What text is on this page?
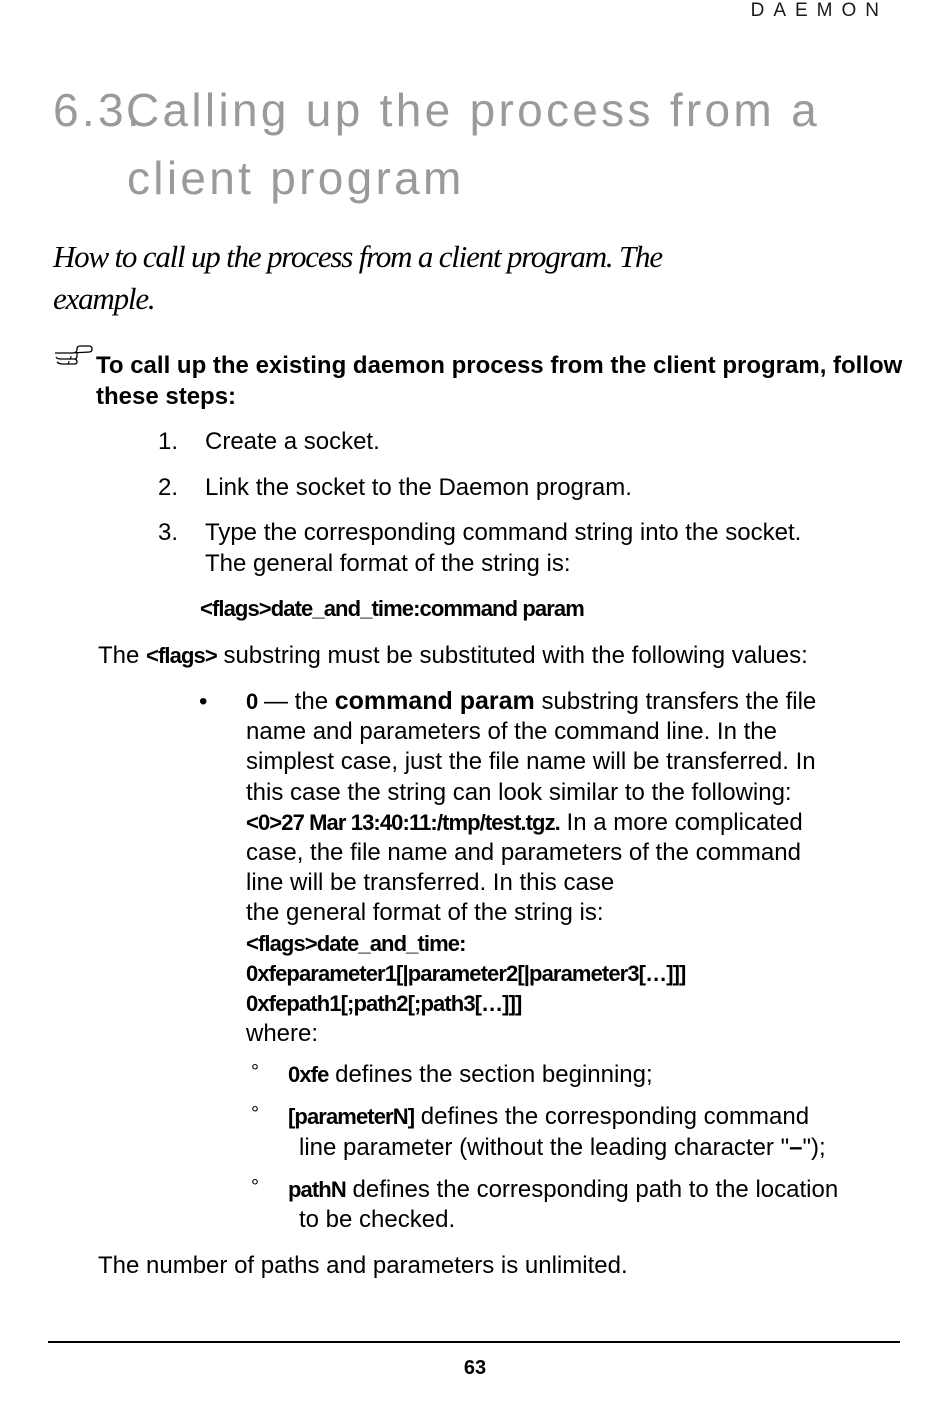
DAEMON
6.3.Calling up the process from a
client program
How to call up the process from a client program. The example.
To call up the existing daemon process from the client program, follow these steps:
1. Create a socket.
2. Link the socket to the Daemon program.
3. Type the corresponding command string into the socket.
The general format of the string is:
<flags>date_and_time:command param
The <flags> substring must be substituted with the following values:
• 0 — the command param substring transfers the file
name and parameters of the command line. In the
simplest case, just the file name will be transferred. In
this case the string can look similar to the following:
<0>27 Mar 13:40:11:/tmp/test.tgz. In a more complicated
case, the file name and parameters of the command
line will be transferred. In this case
the general format of the string is:
<flags>date_and_time:
0xfeparameter1[|parameter2[|parameter3[…]]]
0xfepath1[;path2[;path3[…]]]
where:
° 0xfe defines the section beginning;
° [parameterN] defines the corresponding command
line parameter (without the leading character "–");
° pathN defines the corresponding path to the location
to be checked.
The number of paths and parameters is unlimited.
63
